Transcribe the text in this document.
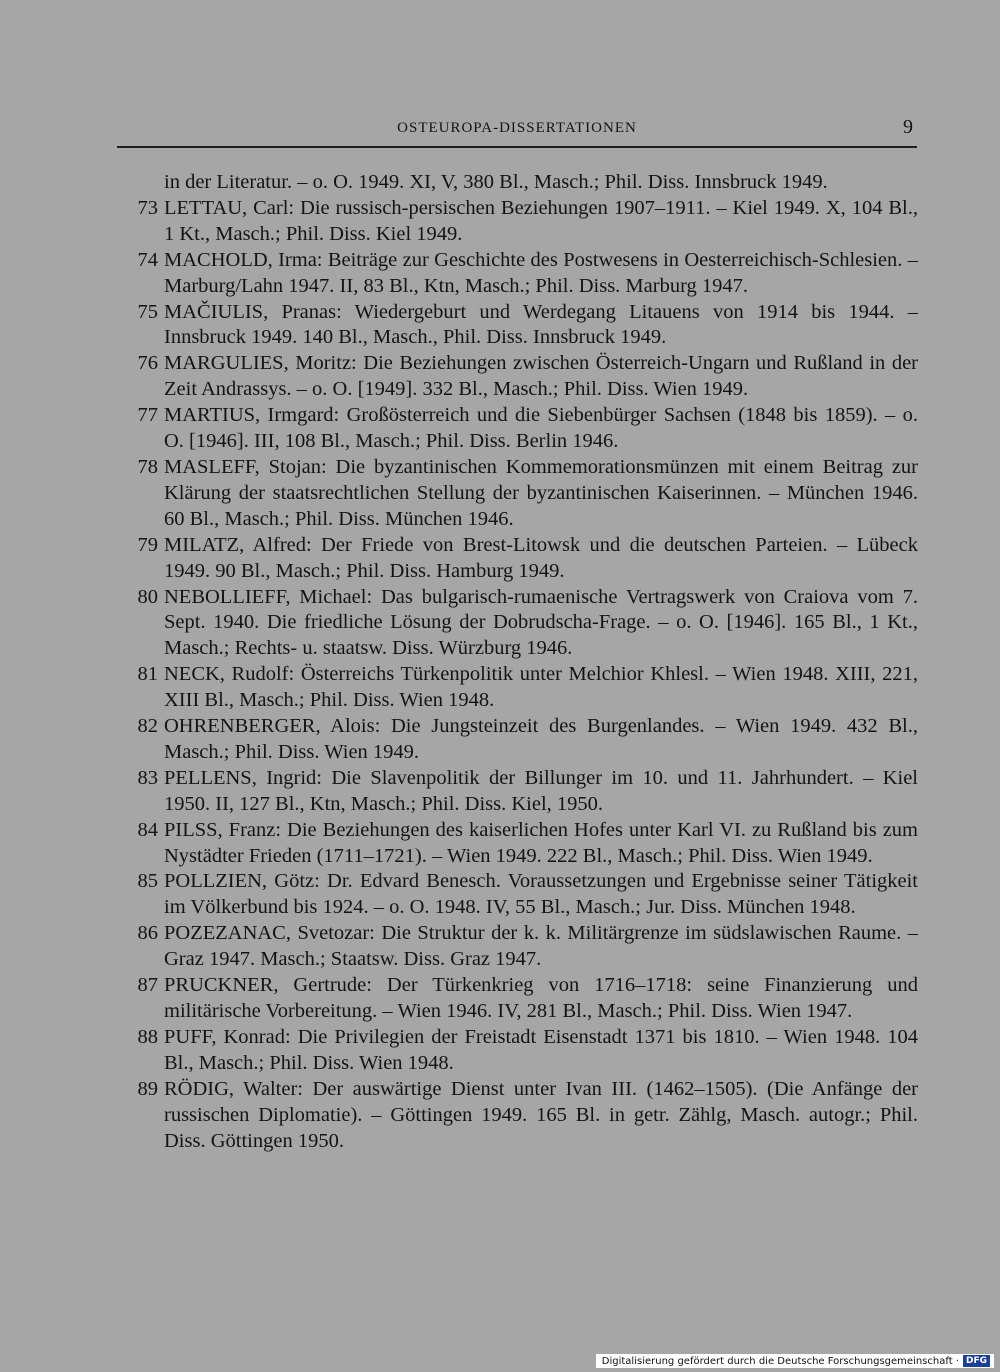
OSTEUROPA-DISSERTATIONEN	9
in der Literatur. – o. O. 1949. XI, V, 380 Bl., Masch.; Phil. Diss. Innsbruck 1949.
73 LETTAU, Carl: Die russisch-persischen Beziehungen 1907–1911. – Kiel 1949. X, 104 Bl., 1 Kt., Masch.; Phil. Diss. Kiel 1949.
74 MACHOLD, Irma: Beiträge zur Geschichte des Postwesens in Oesterreichisch-Schlesien. – Marburg/Lahn 1947. II, 83 Bl., Ktn, Masch.; Phil. Diss. Marburg 1947.
75 MAČIULIS, Pranas: Wiedergeburt und Werdegang Litauens von 1914 bis 1944. – Innsbruck 1949. 140 Bl., Masch., Phil. Diss. Innsbruck 1949.
76 MARGULIES, Moritz: Die Beziehungen zwischen Österreich-Ungarn und Rußland in der Zeit Andrassys. – o. O. [1949]. 332 Bl., Masch.; Phil. Diss. Wien 1949.
77 MARTIUS, Irmgard: Großösterreich und die Siebenbürger Sachsen (1848 bis 1859). – o. O. [1946]. III, 108 Bl., Masch.; Phil. Diss. Berlin 1946.
78 MASLEFF, Stojan: Die byzantinischen Kommemorationsmünzen mit einem Beitrag zur Klärung der staatsrechtlichen Stellung der byzantinischen Kaiserinnen. – München 1946. 60 Bl., Masch.; Phil. Diss. München 1946.
79 MILATZ, Alfred: Der Friede von Brest-Litowsk und die deutschen Parteien. – Lübeck 1949. 90 Bl., Masch.; Phil. Diss. Hamburg 1949.
80 NEBOLLIEFF, Michael: Das bulgarisch-rumaenische Vertragswerk von Craiova vom 7. Sept. 1940. Die friedliche Lösung der Dobrudscha-Frage. – o. O. [1946]. 165 Bl., 1 Kt., Masch.; Rechts- u. staatsw. Diss. Würzburg 1946.
81 NECK, Rudolf: Österreichs Türkenpolitik unter Melchior Khlesl. – Wien 1948. XIII, 221, XIII Bl., Masch.; Phil. Diss. Wien 1948.
82 OHRENBERGER, Alois: Die Jungsteinzeit des Burgenlandes. – Wien 1949. 432 Bl., Masch.; Phil. Diss. Wien 1949.
83 PELLENS, Ingrid: Die Slavenpolitik der Billunger im 10. und 11. Jahrhundert. – Kiel 1950. II, 127 Bl., Ktn, Masch.; Phil. Diss. Kiel, 1950.
84 PILSS, Franz: Die Beziehungen des kaiserlichen Hofes unter Karl VI. zu Rußland bis zum Nystädter Frieden (1711–1721). – Wien 1949. 222 Bl., Masch.; Phil. Diss. Wien 1949.
85 POLLZIEN, Götz: Dr. Edvard Benesch. Voraussetzungen und Ergebnisse seiner Tätigkeit im Völkerbund bis 1924. – o. O. 1948. IV, 55 Bl., Masch.; Jur. Diss. München 1948.
86 POZEZANAC, Svetozar: Die Struktur der k. k. Militärgrenze im südslawischen Raume. – Graz 1947. Masch.; Staatsw. Diss. Graz 1947.
87 PRUCKNER, Gertrude: Der Türkenkrieg von 1716–1718: seine Finanzierung und militärische Vorbereitung. – Wien 1946. IV, 281 Bl., Masch.; Phil. Diss. Wien 1947.
88 PUFF, Konrad: Die Privilegien der Freistadt Eisenstadt 1371 bis 1810. – Wien 1948. 104 Bl., Masch.; Phil. Diss. Wien 1948.
89 RÖDIG, Walter: Der auswärtige Dienst unter Ivan III. (1462–1505). (Die Anfänge der russischen Diplomatie). – Göttingen 1949. 165 Bl. in getr. Zählg, Masch. autogr.; Phil. Diss. Göttingen 1950.
Digitalisierung gefördert durch die Deutsche Forschungsgemeinschaft · DFG
